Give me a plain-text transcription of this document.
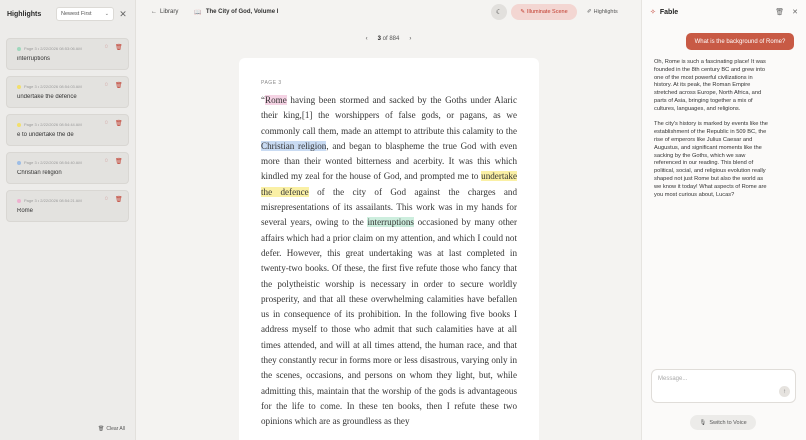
Highlights	Newest First	⌄ ✕
Page 3 • 2/22/2026 08:53:06 AM	◌ 🗑
interruptions
Page 3 • 2/22/2026 08:54:03 AM	◌ 🗑
undertake the defence
Page 3 • 2/22/2026 08:54:44 AM	◌ 🗑
e to undertake the de
Page 3 • 2/22/2026 08:54:40 AM	◌ 🗑
Christian religion
Page 3 • 2/22/2026 08:54:21 AM	◌ 🗑
Rome
🗑 Clear All
← Library	📖 The City of God, Volume I	☾	✎ Illuminate Scene	✐ Highlights
‹ 3 of 884 ›
PAGE 3
“Rome having been stormed and sacked by the Goths under Alaric their king,[1] the worshippers of false gods, or pagans, as we commonly call them, made an attempt to attribute this calamity to the Christian religion, and began to blaspheme the true God with even more than their wonted bitterness and acerbity. It was this which kindled my zeal for the house of God, and prompted me to undertake the defence of the city of God against the charges and misrepresentations of its assailants. This work was in my hands for several years, owing to the interruptions occasioned by many other affairs which had a prior claim on my attention, and which I could not defer. However, this great undertaking was at last completed in twenty-two books. Of these, the first five refute those who fancy that the polytheistic worship is necessary in order to secure worldly prosperity, and that all these overwhelming calamities have befallen us in consequence of its prohibition. In the following five books I address myself to those who admit that such calamities have at all times attended, and will at all times attend, the human race, and that they constantly recur in forms more or less disastrous, varying only in the scenes, occasions, and persons on whom they light, but, while admitting this, maintain that the worship of the gods is advantageous for the life to come. In these ten books, then I refute these two opinions which are as groundless as they
✧ Fable	🗑 ✕
What is the background of Rome?

Oh, Rome is such a fascinating place! It was founded in the 8th century BC and grew into one of the most powerful civilizations in history. At its peak, the Roman Empire stretched across Europe, North Africa, and parts of Asia, bringing together a mix of cultures, languages, and religions.

The city's history is marked by events like the establishment of the Republic in 509 BC, the rise of emperors like Julius Caesar and Augustus, and significant moments like the sacking by the Goths, which we saw referenced in our reading. This blend of political, social, and religious evolution really shaped not just Rome but also the world as we know it today! What aspects of Rome are you most curious about, Lucas?

Message...
↑
🎙 Switch to Voice
